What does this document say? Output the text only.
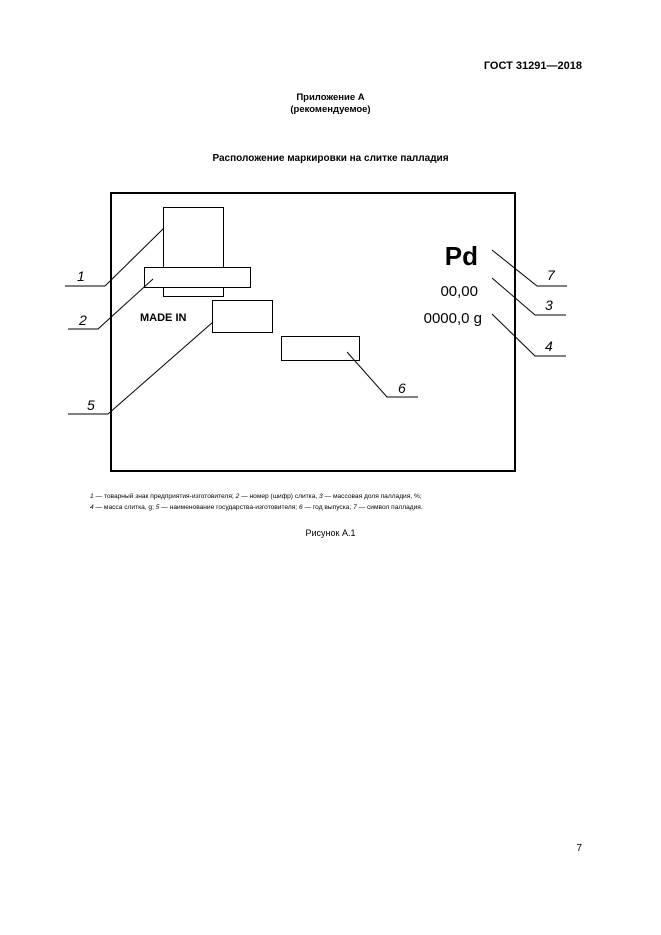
ГОСТ 31291—2018
Приложение А
(рекомендуемое)
Расположение маркировки на слитке палладия
MADE IN
Pd
00,00
0000,0 g
1
2
3
4
5
6
7
1 — товарный знак предприятия-изготовителя; 2 — номер (шифр) слитка, 3 — массовая доля палладия, %;
4 — масса слитка, g; 5 — наименование государства-изготовителя; 6 — год выпуска; 7 — символ палладия.
Рисунок А.1
7
